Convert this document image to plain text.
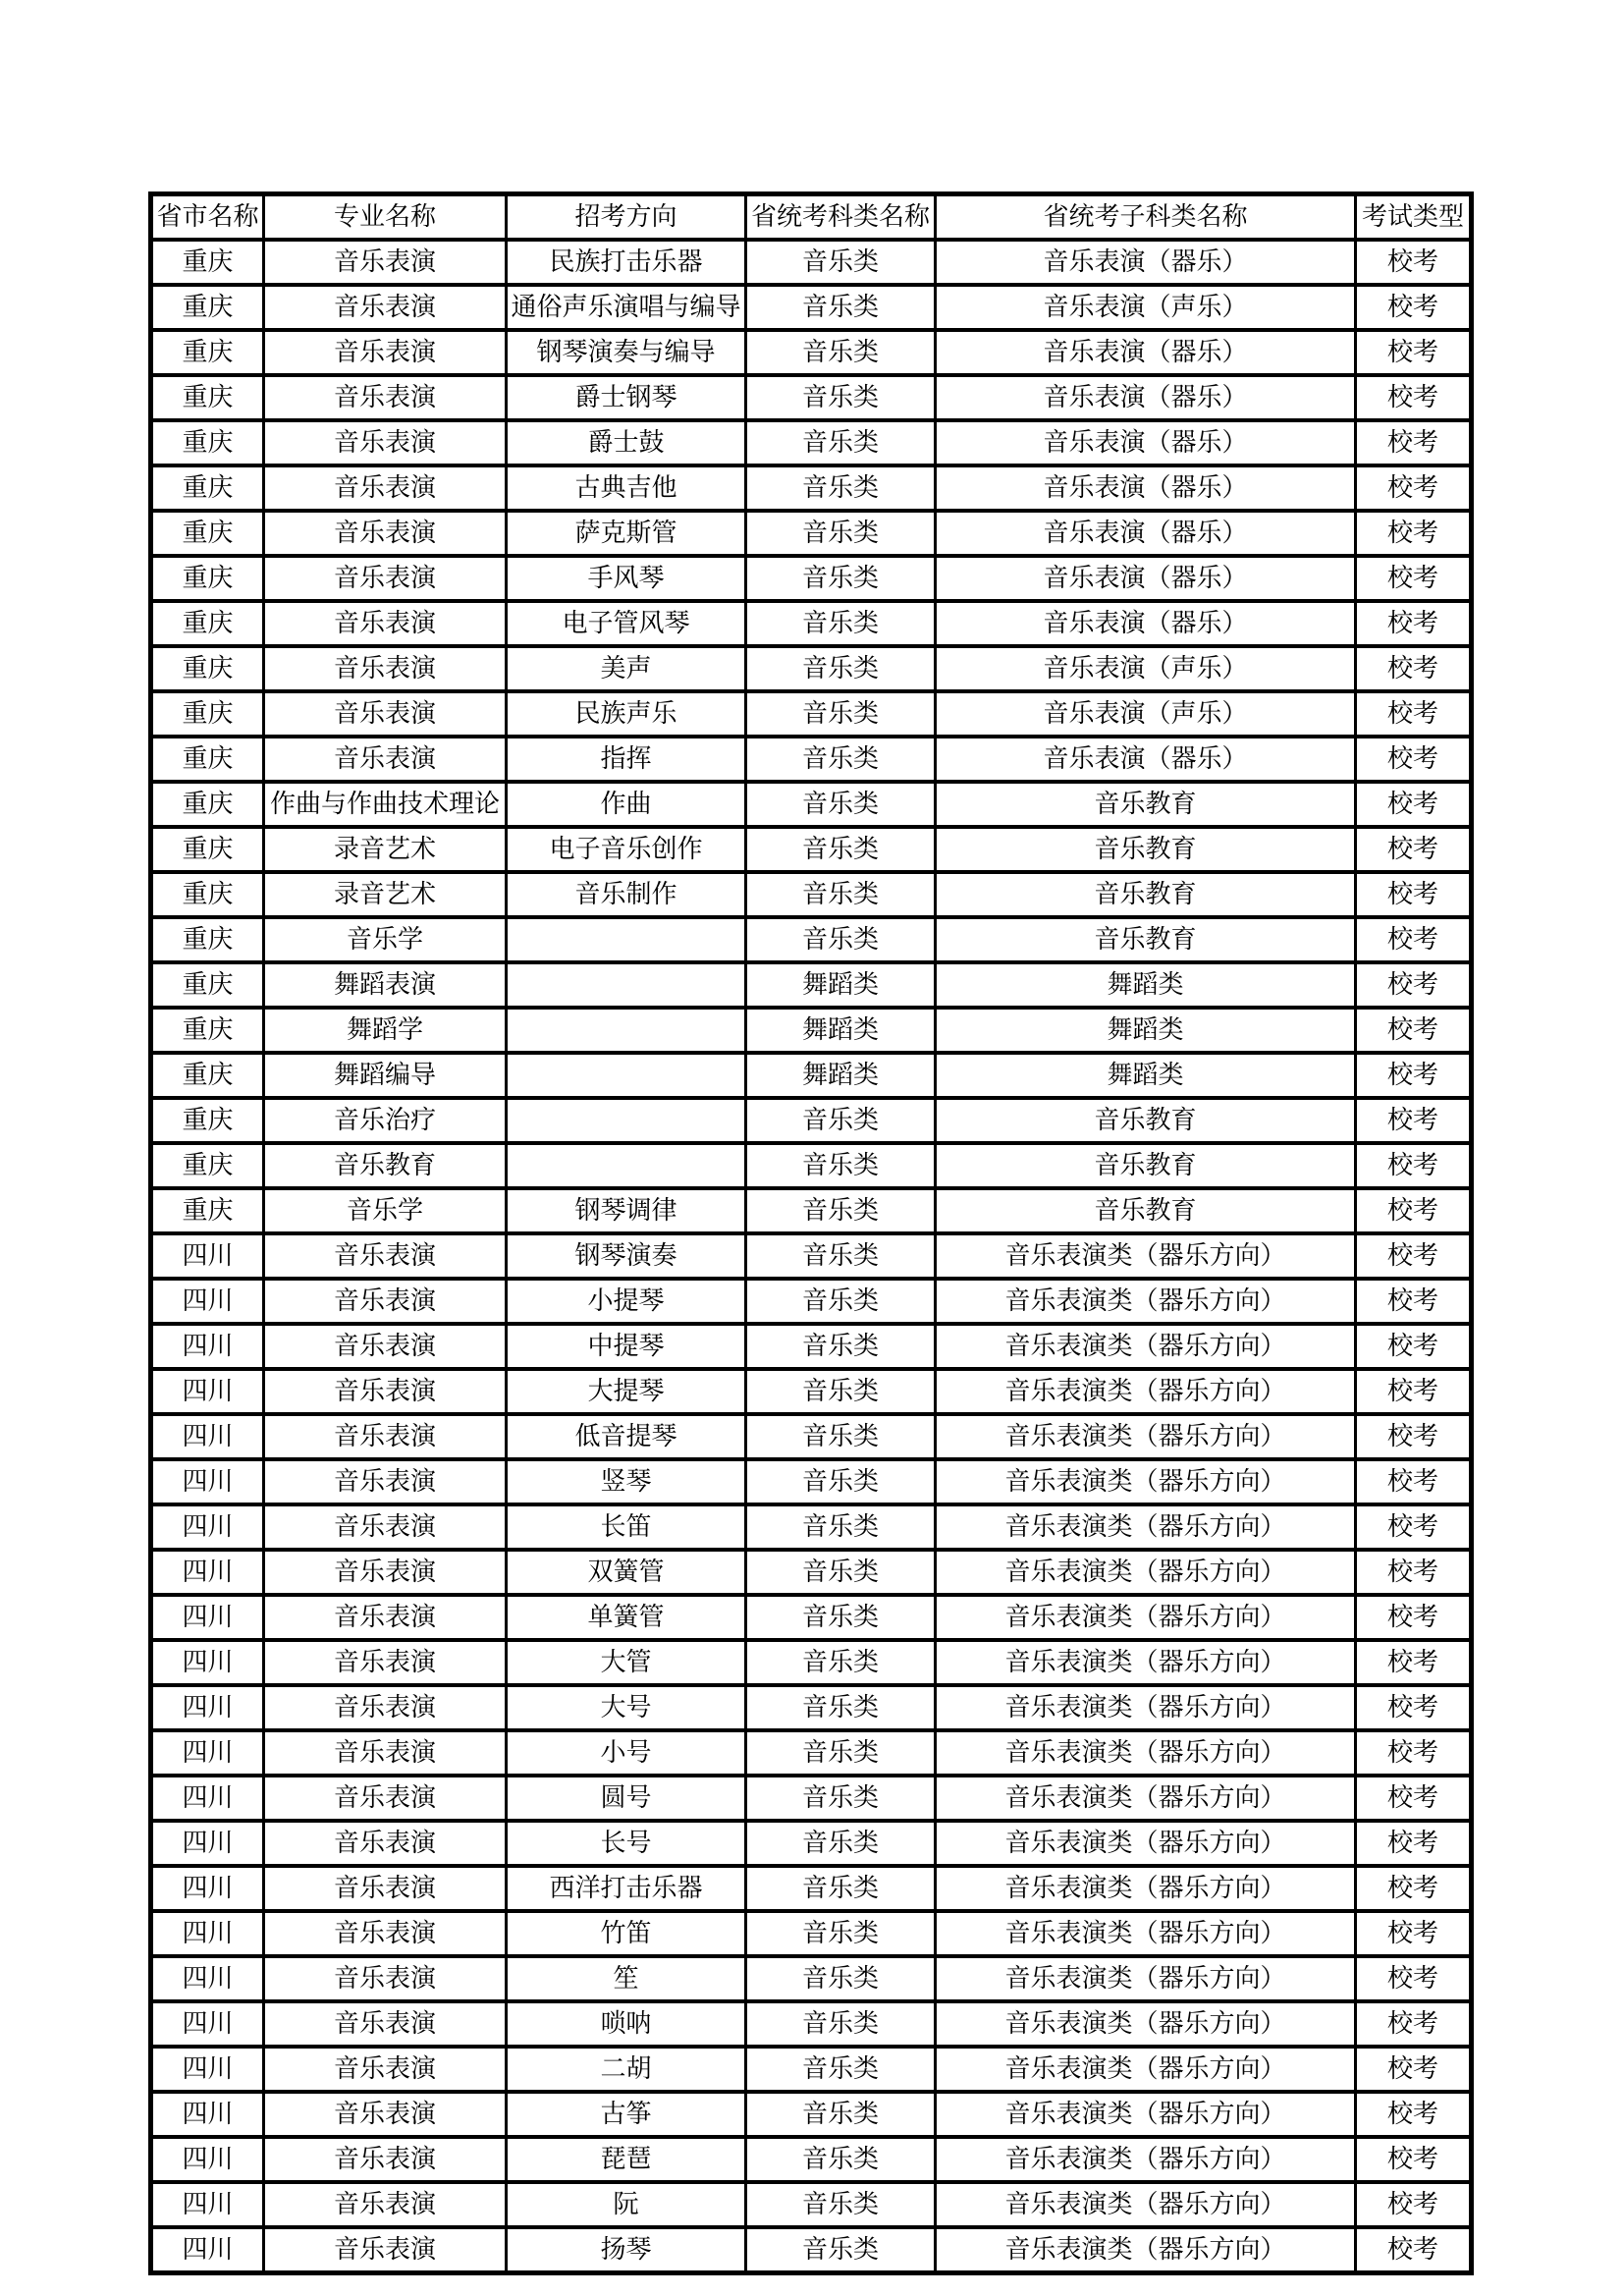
省市名称	专业名称	招考方向	省统考科类名称	省统考子科类名称	考试类型
重庆	音乐表演	民族打击乐器	音乐类	音乐表演（器乐）	校考
重庆	音乐表演	通俗声乐演唱与编导	音乐类	音乐表演（声乐）	校考
重庆	音乐表演	钢琴演奏与编导	音乐类	音乐表演（器乐）	校考
重庆	音乐表演	爵士钢琴	音乐类	音乐表演（器乐）	校考
重庆	音乐表演	爵士鼓	音乐类	音乐表演（器乐）	校考
重庆	音乐表演	古典吉他	音乐类	音乐表演（器乐）	校考
重庆	音乐表演	萨克斯管	音乐类	音乐表演（器乐）	校考
重庆	音乐表演	手风琴	音乐类	音乐表演（器乐）	校考
重庆	音乐表演	电子管风琴	音乐类	音乐表演（器乐）	校考
重庆	音乐表演	美声	音乐类	音乐表演（声乐）	校考
重庆	音乐表演	民族声乐	音乐类	音乐表演（声乐）	校考
重庆	音乐表演	指挥	音乐类	音乐表演（器乐）	校考
重庆	作曲与作曲技术理论	作曲	音乐类	音乐教育	校考
重庆	录音艺术	电子音乐创作	音乐类	音乐教育	校考
重庆	录音艺术	音乐制作	音乐类	音乐教育	校考
重庆	音乐学		音乐类	音乐教育	校考
重庆	舞蹈表演		舞蹈类	舞蹈类	校考
重庆	舞蹈学		舞蹈类	舞蹈类	校考
重庆	舞蹈编导		舞蹈类	舞蹈类	校考
重庆	音乐治疗		音乐类	音乐教育	校考
重庆	音乐教育		音乐类	音乐教育	校考
重庆	音乐学	钢琴调律	音乐类	音乐教育	校考
四川	音乐表演	钢琴演奏	音乐类	音乐表演类（器乐方向）	校考
四川	音乐表演	小提琴	音乐类	音乐表演类（器乐方向）	校考
四川	音乐表演	中提琴	音乐类	音乐表演类（器乐方向）	校考
四川	音乐表演	大提琴	音乐类	音乐表演类（器乐方向）	校考
四川	音乐表演	低音提琴	音乐类	音乐表演类（器乐方向）	校考
四川	音乐表演	竖琴	音乐类	音乐表演类（器乐方向）	校考
四川	音乐表演	长笛	音乐类	音乐表演类（器乐方向）	校考
四川	音乐表演	双簧管	音乐类	音乐表演类（器乐方向）	校考
四川	音乐表演	单簧管	音乐类	音乐表演类（器乐方向）	校考
四川	音乐表演	大管	音乐类	音乐表演类（器乐方向）	校考
四川	音乐表演	大号	音乐类	音乐表演类（器乐方向）	校考
四川	音乐表演	小号	音乐类	音乐表演类（器乐方向）	校考
四川	音乐表演	圆号	音乐类	音乐表演类（器乐方向）	校考
四川	音乐表演	长号	音乐类	音乐表演类（器乐方向）	校考
四川	音乐表演	西洋打击乐器	音乐类	音乐表演类（器乐方向）	校考
四川	音乐表演	竹笛	音乐类	音乐表演类（器乐方向）	校考
四川	音乐表演	笙	音乐类	音乐表演类（器乐方向）	校考
四川	音乐表演	唢呐	音乐类	音乐表演类（器乐方向）	校考
四川	音乐表演	二胡	音乐类	音乐表演类（器乐方向）	校考
四川	音乐表演	古筝	音乐类	音乐表演类（器乐方向）	校考
四川	音乐表演	琵琶	音乐类	音乐表演类（器乐方向）	校考
四川	音乐表演	阮	音乐类	音乐表演类（器乐方向）	校考
四川	音乐表演	扬琴	音乐类	音乐表演类（器乐方向）	校考
